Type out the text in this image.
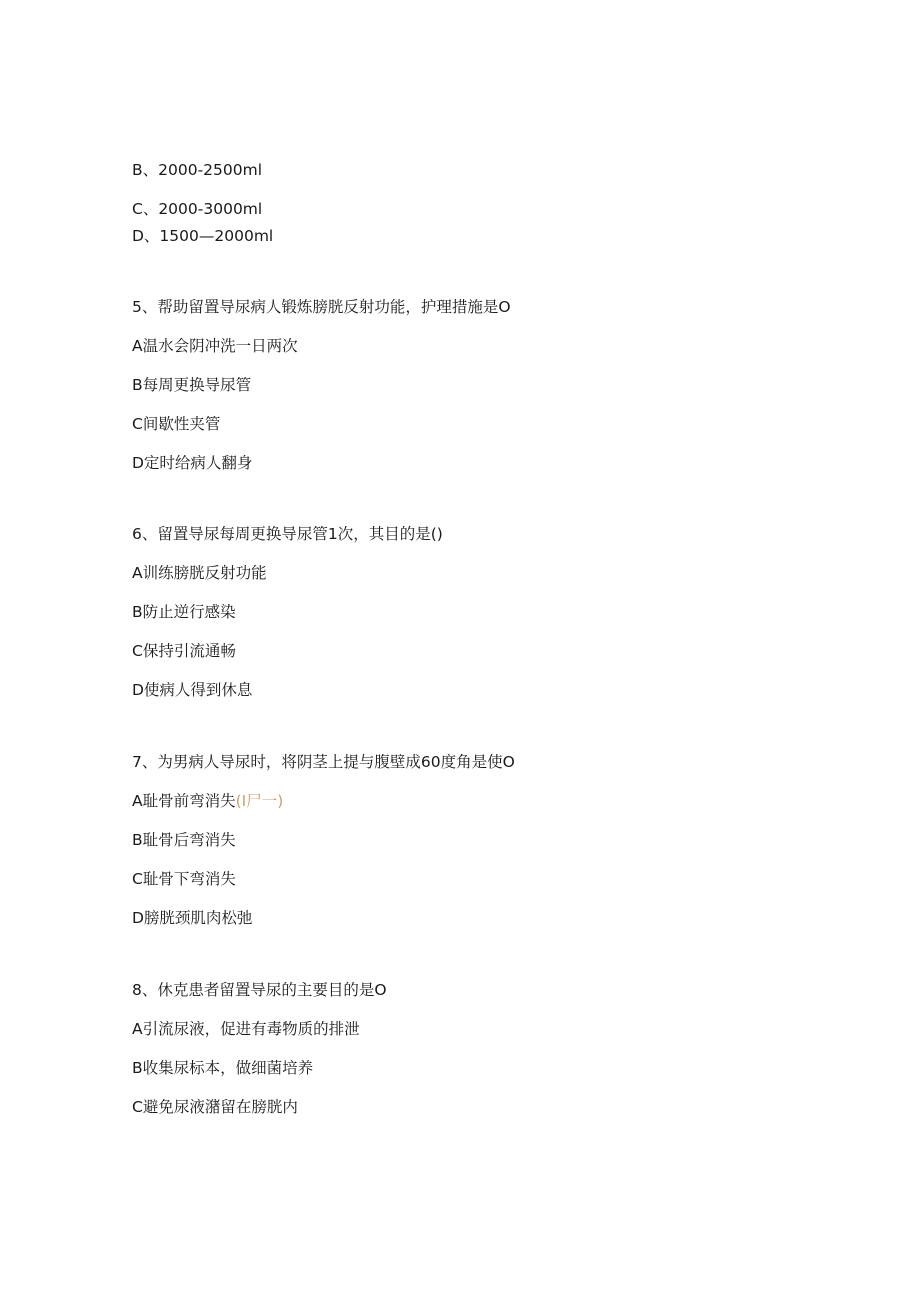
B、2000-2500ml
C、2000-3000ml
D、1500—2000ml
5、帮助留置导尿病人锻炼膀胱反射功能，护理措施是O
A温水会阴冲洗一日两次
B每周更换导尿管
C间歇性夹管
D定时给病人翻身
6、留置导尿每周更换导尿管1次，其目的是()
A训练膀胱反射功能
B防止逆行感染
C保持引流通畅
D使病人得到休息
7、为男病人导尿时，将阴茎上提与腹壁成60度角是使O
A耻骨前弯消失(I尸一)
B耻骨后弯消失
C耻骨下弯消失
D膀胱颈肌肉松弛
8、休克患者留置导尿的主要目的是O
A引流尿液，促进有毒物质的排泄
B收集尿标本，做细菌培养
C避免尿液潴留在膀胱内
